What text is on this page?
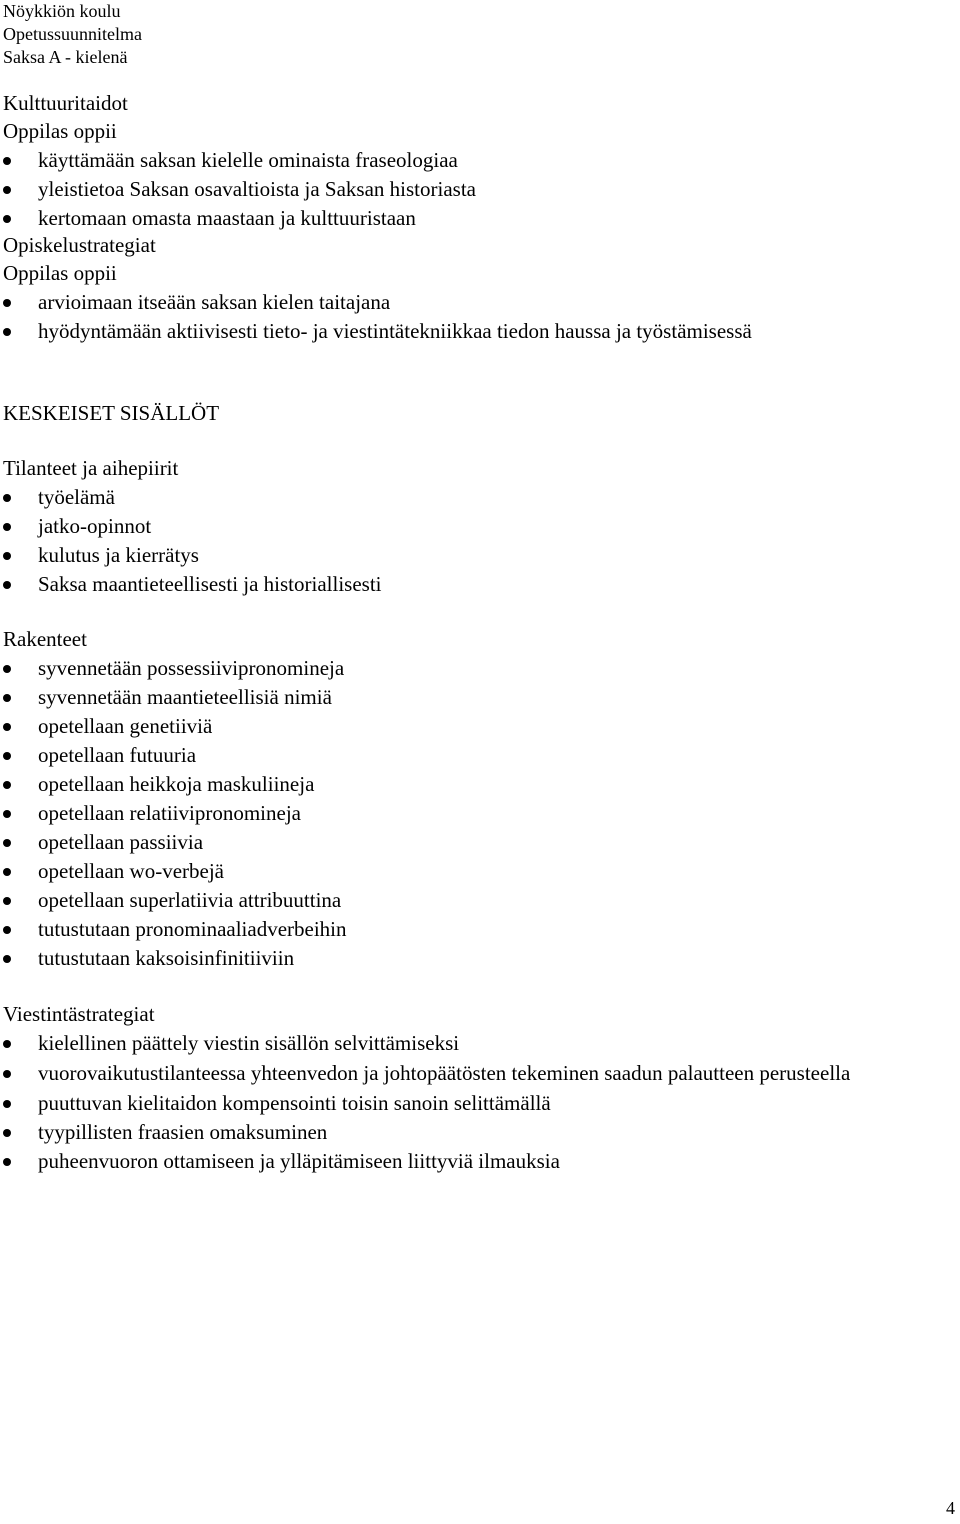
Nöykkiön koulu
Opetussuunnitelma
Saksa A - kielenä
Kulttuuritaidot
Oppilas oppii
käyttämään saksan kielelle ominaista fraseologiaa
yleistietoa Saksan osavaltioista ja Saksan historiasta
kertomaan omasta maastaan ja kulttuuristaan
Opiskelustrategiat
Oppilas oppii
arvioimaan itseään saksan kielen taitajana
hyödyntämään aktiivisesti tieto- ja viestintätekniikkaa tiedon haussa ja työstämisessä
KESKEISET SISÄLLÖT
Tilanteet ja aihepiirit
työelämä
jatko-opinnot
kulutus ja kierrätys
Saksa maantieteellisesti ja historiallisesti
Rakenteet
syvennetään possessiivipronomineja
syvennetään maantieteellisiä nimiä
opetellaan genetiiviä
opetellaan futuuria
opetellaan heikkoja maskuliineja
opetellaan relatiivipronomineja
opetellaan passiivia
opetellaan wo-verbejä
opetellaan superlatiivia attribuuttina
tutustutaan pronominaaliadverbeihin
tutustutaan kaksoisinfinitiiviin
Viestintästrategiat
kielellinen päättely viestin sisällön selvittämiseksi
vuorovaikutustilanteessa yhteenvedon ja johtopäätösten tekeminen saadun palautteen perusteella
puuttuvan kielitaidon kompensointi toisin sanoin selittämällä
tyypillisten fraasien omaksuminen
puheenvuoron ottamiseen ja ylläpitämiseen liittyviä ilmauksia
4
